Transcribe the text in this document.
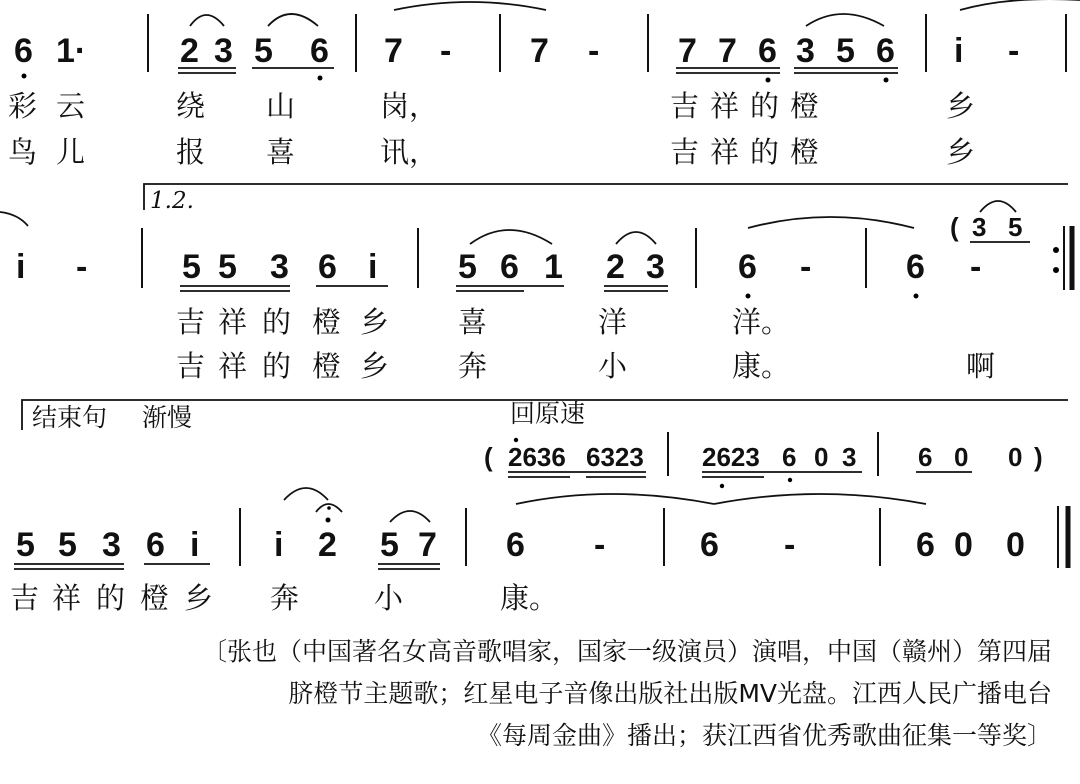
6 1·	2 3 5 6 7 - 7 - 7 7 6 3 5 6 i -
彩 云	绕 山	岗，	吉 祥 的 橙	乡
鸟 儿	报 喜	讯，	吉 祥 的 橙	乡
1.2.
i -	5 5 3 6 i 5 6 1 2 3 6 -	6 -
( 3 5
吉 祥 的 橙 乡 喜	洋	洋。
吉 祥 的 橙 乡 奔	小	康。	啊
结束句 渐慢	回原速
( 2636 6323 2623 6 0 3 6 0 0 )
5 5 3 6 i i 2 5 7 6 -	6 -	6 0 0
吉 祥 的 橙 乡 奔	小	康。
〔张也（中国著名女高音歌唱家，国家一级演员）演唱，中国（赣州）第四届
脐橙节主题歌；红星电子音像出版社出版MV光盘。江西人民广播电台
《每周金曲》播出；获江西省优秀歌曲征集一等奖〕
